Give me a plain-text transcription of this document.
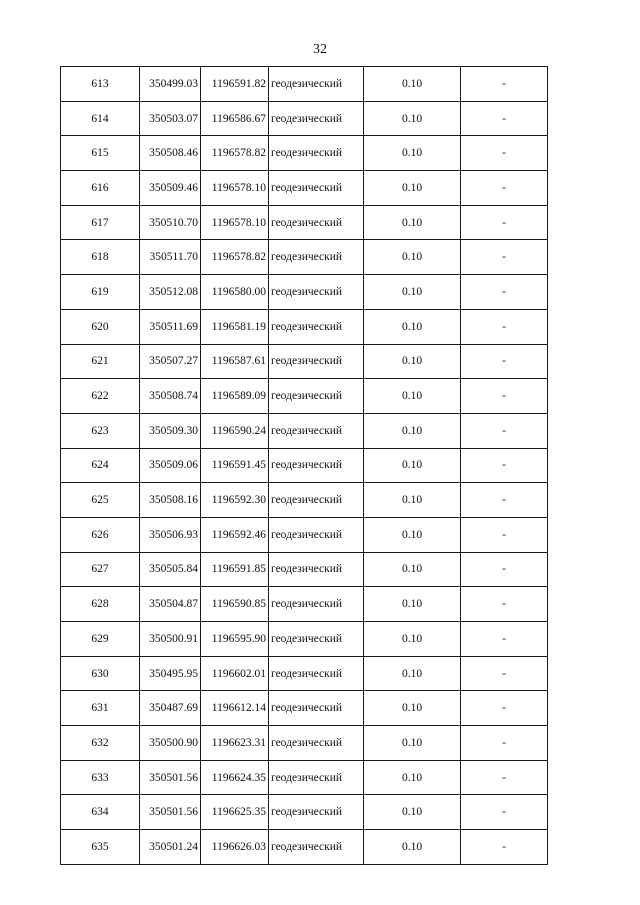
32
613	350499.03	1196591.82	геодезический	0.10	-
614	350503.07	1196586.67	геодезический	0.10	-
615	350508.46	1196578.82	геодезический	0.10	-
616	350509.46	1196578.10	геодезический	0.10	-
617	350510.70	1196578.10	геодезический	0.10	-
618	350511.70	1196578.82	геодезический	0.10	-
619	350512.08	1196580.00	геодезический	0.10	-
620	350511.69	1196581.19	геодезический	0.10	-
621	350507.27	1196587.61	геодезический	0.10	-
622	350508.74	1196589.09	геодезический	0.10	-
623	350509.30	1196590.24	геодезический	0.10	-
624	350509.06	1196591.45	геодезический	0.10	-
625	350508.16	1196592.30	геодезический	0.10	-
626	350506.93	1196592.46	геодезический	0.10	-
627	350505.84	1196591.85	геодезический	0.10	-
628	350504.87	1196590.85	геодезический	0.10	-
629	350500.91	1196595.90	геодезический	0.10	-
630	350495.95	1196602.01	геодезический	0.10	-
631	350487.69	1196612.14	геодезический	0.10	-
632	350500.90	1196623.31	геодезический	0.10	-
633	350501.56	1196624.35	геодезический	0.10	-
634	350501.56	1196625.35	геодезический	0.10	-
635	350501.24	1196626.03	геодезический	0.10	-
